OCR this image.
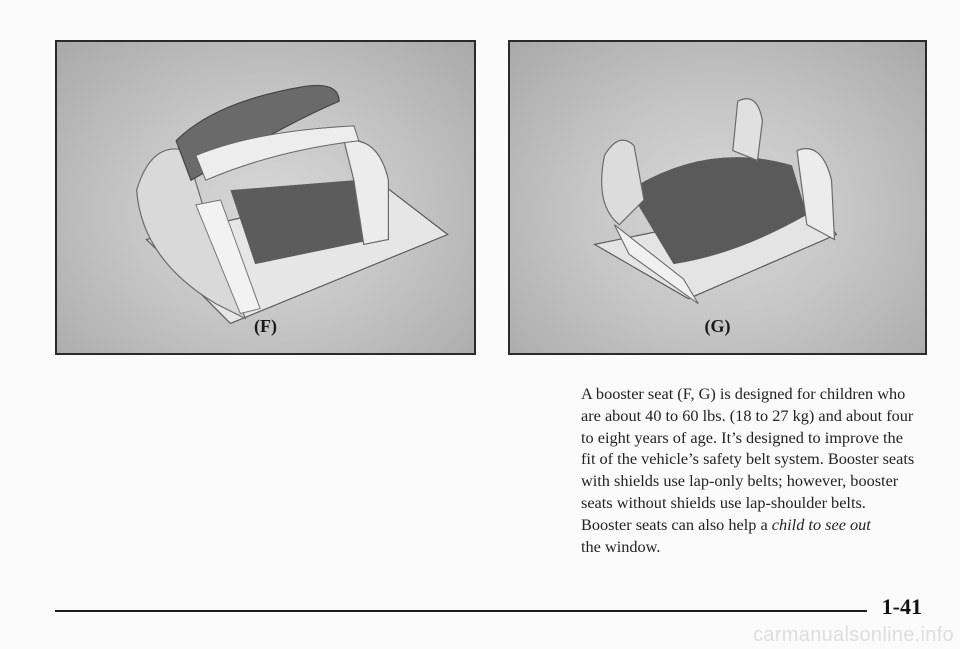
(F)	(G)
A booster seat (F, G) is designed for children who
are about 40 to 60 lbs. (18 to 27 kg) and about four
to eight years of age. It’s designed to improve the
fit of the vehicle’s safety belt system. Booster seats
with shields use lap-only belts; however, booster
seats without shields use lap-shoulder belts.
Booster seats can also help a child to see out
the window.
1-41
carmanualsonline.info
